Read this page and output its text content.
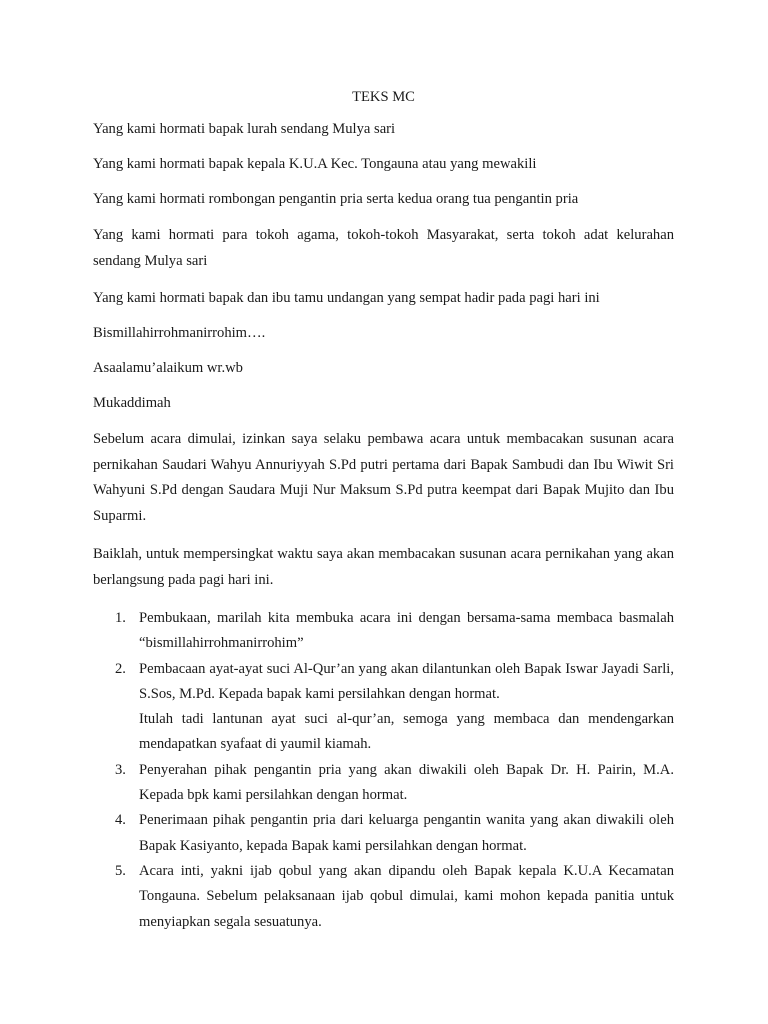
TEKS MC

Yang kami hormati bapak lurah sendang Mulya sari

Yang kami hormati bapak kepala K.U.A Kec. Tongauna atau yang mewakili

Yang kami hormati rombongan pengantin pria serta kedua orang tua pengantin pria

Yang kami hormati para tokoh agama, tokoh-tokoh Masyarakat, serta tokoh adat kelurahan sendang Mulya sari

Yang kami hormati bapak dan ibu tamu undangan yang sempat hadir pada pagi hari ini

Bismillahirrohmanirrohim….

Asaalamu’alaikum wr.wb

Mukaddimah

Sebelum acara dimulai, izinkan saya selaku pembawa acara untuk membacakan susunan acara pernikahan Saudari Wahyu Annuriyyah S.Pd putri pertama dari Bapak Sambudi dan Ibu Wiwit Sri Wahyuni S.Pd dengan Saudara Muji Nur Maksum S.Pd putra keempat dari Bapak Mujito dan Ibu Suparmi.

Baiklah, untuk mempersingkat waktu saya akan membacakan susunan acara pernikahan yang akan berlangsung pada pagi hari ini.

1. Pembukaan, marilah kita membuka acara ini dengan bersama-sama membaca basmalah “bismillahirrohmanirrohim”
2. Pembacaan ayat-ayat suci Al-Qur’an yang akan dilantunkan oleh Bapak Iswar Jayadi Sarli, S.Sos, M.Pd. Kepada bapak kami persilahkan dengan hormat.
Itulah tadi lantunan ayat suci al-qur’an, semoga yang membaca dan mendengarkan mendapatkan syafaat di yaumil kiamah.
3. Penyerahan pihak pengantin pria yang akan diwakili oleh Bapak Dr. H. Pairin, M.A. Kepada bpk kami persilahkan dengan hormat.
4. Penerimaan pihak pengantin pria dari keluarga pengantin wanita yang akan diwakili oleh Bapak Kasiyanto, kepada Bapak kami persilahkan dengan hormat.
5. Acara inti, yakni ijab qobul yang akan dipandu oleh Bapak kepala K.U.A Kecamatan Tongauna. Sebelum pelaksanaan ijab qobul dimulai, kami mohon kepada panitia untuk menyiapkan segala sesuatunya.
